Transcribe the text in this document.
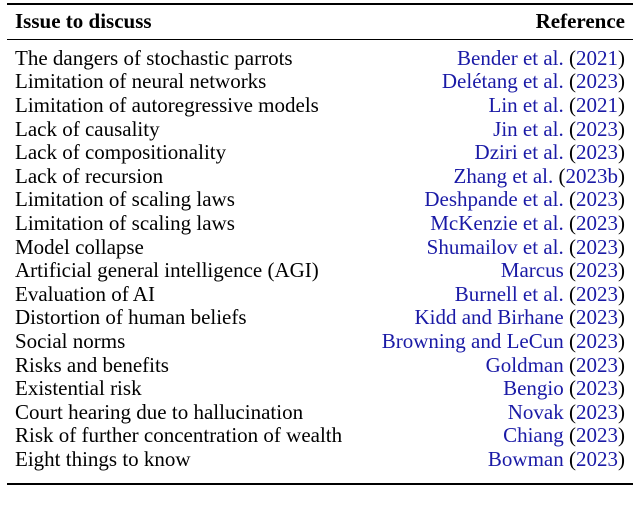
Issue to discuss	Reference
The dangers of stochastic parrots	Bender et al. (2021)
Limitation of neural networks	Delétang et al. (2023)
Limitation of autoregressive models	Lin et al. (2021)
Lack of causality	Jin et al. (2023)
Lack of compositionality	Dziri et al. (2023)
Lack of recursion	Zhang et al. (2023b)
Limitation of scaling laws	Deshpande et al. (2023)
Limitation of scaling laws	McKenzie et al. (2023)
Model collapse	Shumailov et al. (2023)
Artificial general intelligence (AGI)	Marcus (2023)
Evaluation of AI	Burnell et al. (2023)
Distortion of human beliefs	Kidd and Birhane (2023)
Social norms	Browning and LeCun (2023)
Risks and benefits	Goldman (2023)
Existential risk	Bengio (2023)
Court hearing due to hallucination	Novak (2023)
Risk of further concentration of wealth	Chiang (2023)
Eight things to know	Bowman (2023)
